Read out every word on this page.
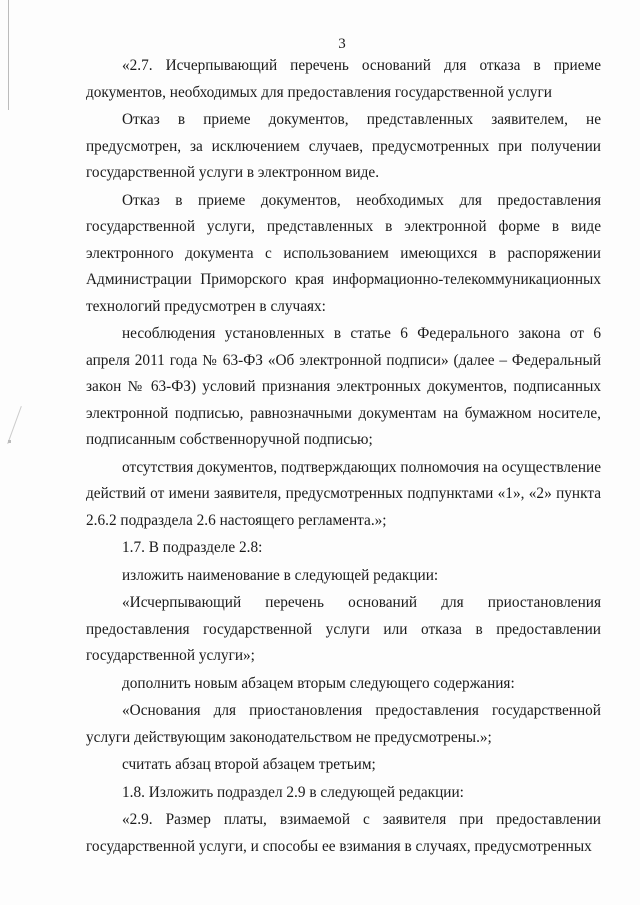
3

«2.7. Исчерпывающий перечень оснований для отказа в приеме документов, необходимых для предоставления государственной услуги

Отказ в приеме документов, представленных заявителем, не предусмотрен, за исключением случаев, предусмотренных при получении государственной услуги в электронном виде.

Отказ в приеме документов, необходимых для предоставления государственной услуги, представленных в электронной форме в виде электронного документа с использованием имеющихся в распоряжении Администрации Приморского края информационно-телекоммуникационных технологий предусмотрен в случаях:

несоблюдения установленных в статье 6 Федерального закона от 6 апреля 2011 года № 63-ФЗ «Об электронной подписи» (далее – Федеральный закон № 63-ФЗ) условий признания электронных документов, подписанных электронной подписью, равнозначными документам на бумажном носителе, подписанным собственноручной подписью;

отсутствия документов, подтверждающих полномочия на осуществление действий от имени заявителя, предусмотренных подпунктами «1», «2» пункта 2.6.2 подраздела 2.6 настоящего регламента.»;

1.7. В подразделе 2.8:

изложить наименование в следующей редакции:

«Исчерпывающий перечень оснований для приостановления предоставления государственной услуги или отказа в предоставлении государственной услуги»;

дополнить новым абзацем вторым следующего содержания:

«Основания для приостановления предоставления государственной услуги действующим законодательством не предусмотрены.»;

считать абзац второй абзацем третьим;

1.8. Изложить подраздел 2.9 в следующей редакции:

«2.9. Размер платы, взимаемой с заявителя при предоставлении государственной услуги, и способы ее взимания в случаях, предусмотренных
